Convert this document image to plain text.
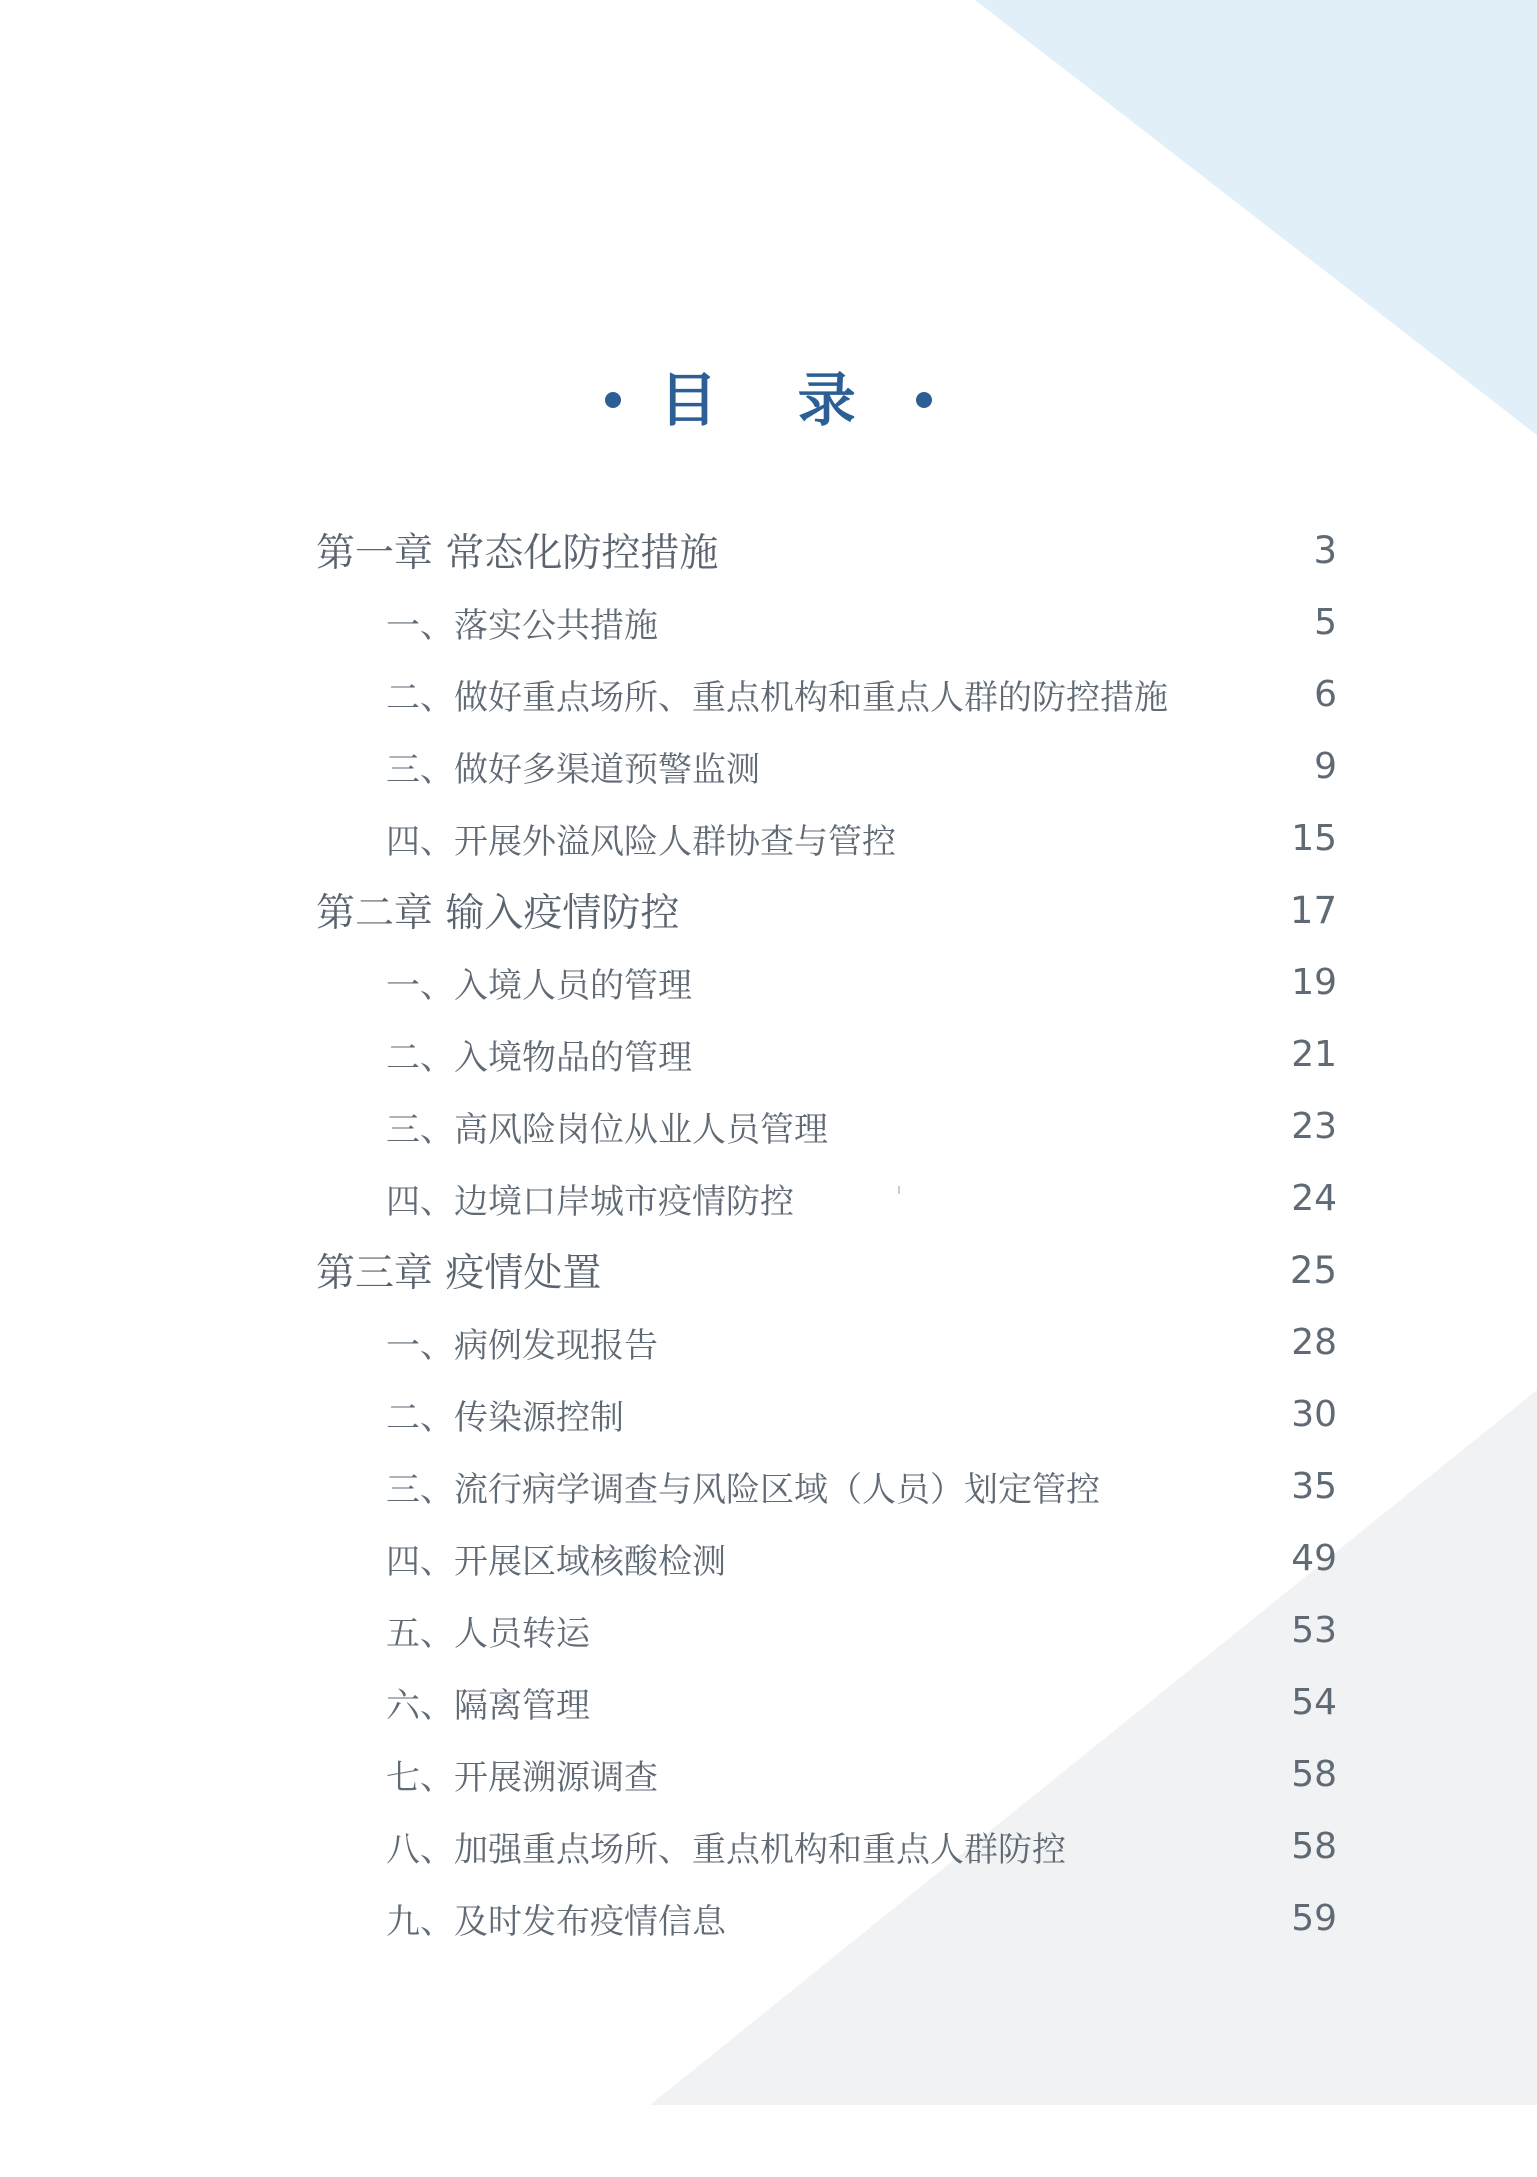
目 录
第一章 常态化防控措施	3
一、落实公共措施	5
二、做好重点场所、重点机构和重点人群的防控措施	6
三、做好多渠道预警监测	9
四、开展外溢风险人群协查与管控	15
第二章 输入疫情防控	17
一、入境人员的管理	19
二、入境物品的管理	21
三、高风险岗位从业人员管理	23
四、边境口岸城市疫情防控	24
第三章 疫情处置	25
一、病例发现报告	28
二、传染源控制	30
三、流行病学调查与风险区域（人员）划定管控	35
四、开展区域核酸检测	49
五、人员转运	53
六、隔离管理	54
七、开展溯源调查	58
八、加强重点场所、重点机构和重点人群防控	58
九、及时发布疫情信息	59
